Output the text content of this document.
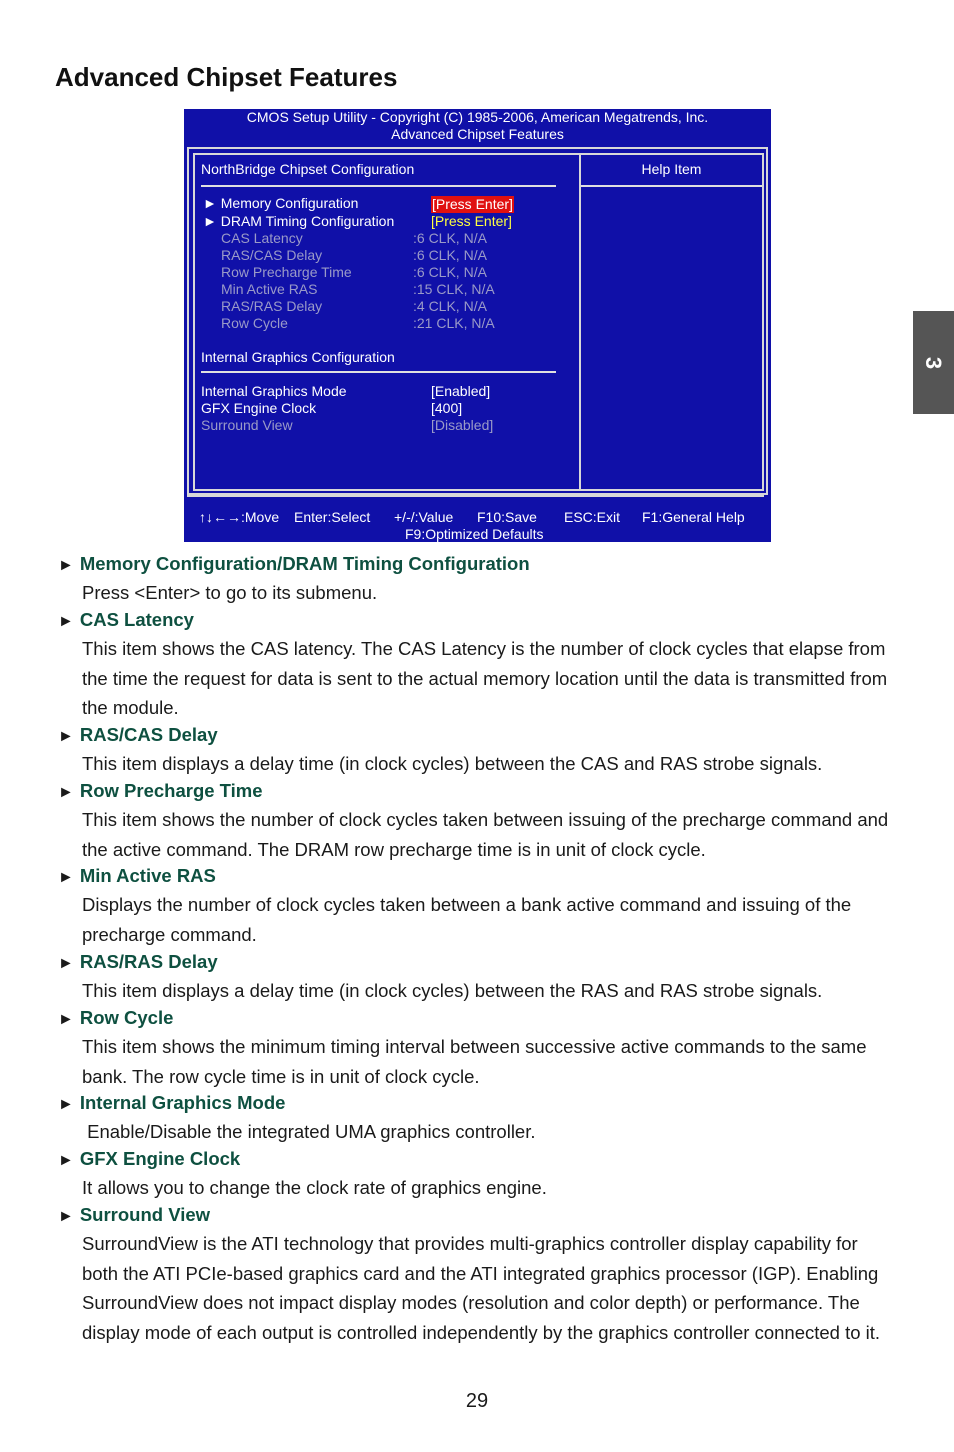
Advanced Chipset Features
3
CMOS Setup Utility - Copyright (C) 1985-2006, American Megatrends, Inc.
Advanced Chipset Features
NorthBridge Chipset Configuration
► Memory Configuration	[Press Enter]
► DRAM Timing Configuration	[Press Enter]
CAS Latency	:6 CLK, N/A
RAS/CAS Delay	:6 CLK, N/A
Row Precharge Time	:6 CLK, N/A
Min Active RAS	:15 CLK, N/A
RAS/RAS Delay	:4 CLK, N/A
Row Cycle	:21 CLK, N/A
Internal Graphics Configuration
Internal Graphics Mode	[Enabled]
GFX Engine Clock	[400]
Surround View	[Disabled]
Help Item
↑↓←→:Move Enter:Select +/-/:Value F10:Save ESC:Exit F1:General Help
F9:Optimized Defaults
► Memory Configuration/DRAM Timing Configuration
Press <Enter> to go to its submenu.
► CAS Latency
This item shows the CAS latency. The CAS Latency is the number of clock cycles that elapse from the time the request for data is sent to the actual memory location until the data is transmitted from the module.
► RAS/CAS Delay
This item displays a delay time (in clock cycles) between the CAS and RAS strobe signals.
► Row Precharge Time
This item shows the number of clock cycles taken between issuing of the precharge command and the active command. The DRAM row precharge time is in unit of clock cycle.
► Min Active RAS
Displays the number of clock cycles taken between a bank active command and issuing of the precharge command.
► RAS/RAS Delay
This item displays a delay time (in clock cycles) between the RAS and RAS strobe signals.
► Row Cycle
This item shows the minimum timing interval between successive active commands to the same bank. The row cycle time is in unit of clock cycle.
► Internal Graphics Mode
Enable/Disable the integrated UMA graphics controller.
► GFX Engine Clock
It allows you to change the clock rate of graphics engine.
► Surround View
SurroundView is the ATI technology that provides multi-graphics controller display capability for both the ATI PCIe-based graphics card and the ATI integrated graphics processor (IGP). Enabling SurroundView does not impact display modes (resolution and color depth) or performance. The display mode of each output is controlled independently by the graphics controller connected to it.
29
